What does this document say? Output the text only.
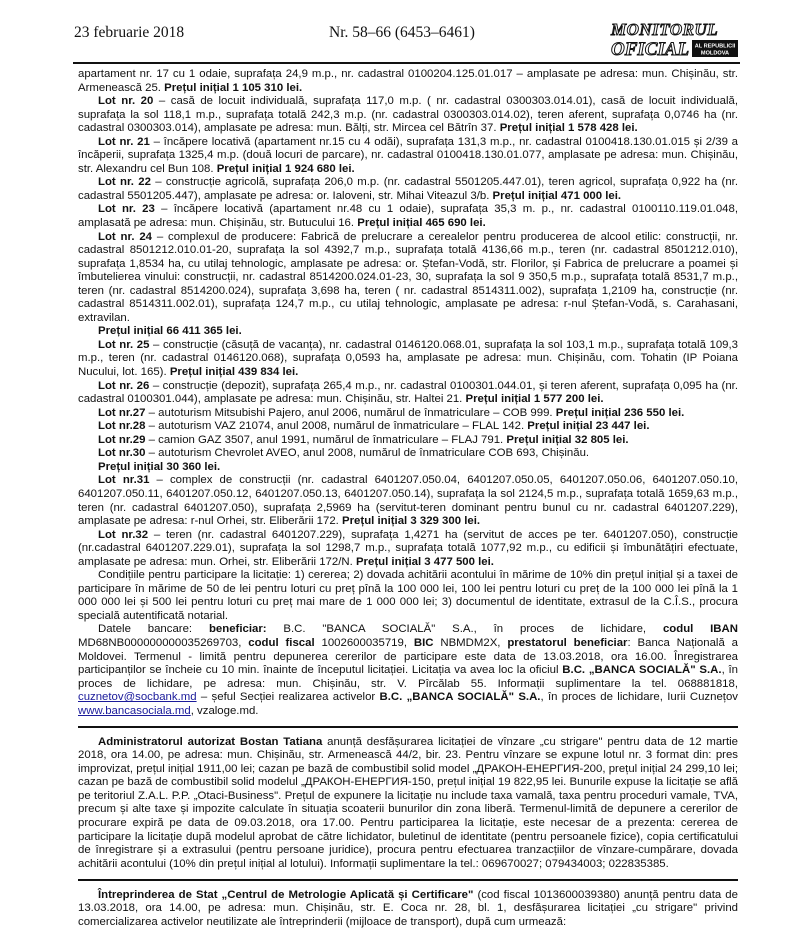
23 februarie 2018	Nr. 58–66 (6453–6461)	MONITORUL
OFICIAL AL REPUBLICII
MOLDOVA

apartament nr. 17 cu 1 odaie, suprafața 24,9 m.p., nr. cadastral 0100204.125.01.017 – amplasate pe adresa: mun. Chișinău, str. Armenească 25. Prețul inițial 1 105 310 lei.

Lot nr. 20 – casă de locuit individuală, suprafața 117,0 m.p. ( nr. cadastral 0300303.014.01), casă de locuit individuală, suprafața la sol 118,1 m.p., suprafața totală 242,3 m.p. (nr. cadastral 0300303.014.02), teren aferent, suprafața 0,0746 ha (nr. cadastral 0300303.014), amplasate pe adresa: mun. Bălți, str. Mircea cel Bătrîn 37. Prețul inițial 1 578 428 lei.

Lot nr. 21 – încăpere locativă (apartament nr.15 cu 4 odăi), suprafața 131,3 m.p., nr. cadastral 0100418.130.01.015 și 2/39 a încăperii, suprafața 1325,4 m.p. (două locuri de parcare), nr. cadastral 0100418.130.01.077, amplasate pe adresa: mun. Chișinău, str. Alexandru cel Bun 108. Prețul inițial 1 924 680 lei.

Lot nr. 22 – construcție agricolă, suprafața 206,0 m.p. (nr. cadastral 5501205.447.01), teren agricol, suprafața 0,922 ha (nr. cadastral 5501205.447), amplasate pe adresa: or. Ialoveni, str. Mihai Viteazul 3/b. Prețul inițial 471 000 lei.

Lot nr. 23 – încăpere locativă (apartament nr.48 cu 1 odaie), suprafața 35,3 m. p., nr. cadastral 0100110.119.01.048, amplasată pe adresa: mun. Chișinău, str. Butucului 16. Prețul inițial 465 690 lei.

Lot nr. 24 – complexul de producere: Fabrică de prelucrare a cerealelor pentru producerea de alcool etilic: construcții, nr. cadastral 8501212.010.01-20, suprafața la sol 4392,7 m.p., suprafața totală 4136,66 m.p., teren (nr. cadastral 8501212.010), suprafața 1,8534 ha, cu utilaj tehnologic, amplasate pe adresa: or. Ștefan-Vodă, str. Florilor, și Fabrica de prelucrare a poamei și îmbutelierea vinului: construcții, nr. cadastral 8514200.024.01-23, 30, suprafața la sol 9 350,5 m.p., suprafața totală 8531,7 m.p., teren (nr. cadastral 8514200.024), suprafața 3,698 ha, teren ( nr. cadastral 8514311.002), suprafața 1,2109 ha, construcție (nr. cadastral 8514311.002.01), suprafața 124,7 m.p., cu utilaj tehnologic, amplasate pe adresa: r-nul Ștefan-Vodă, s. Carahasani, extravilan.

Prețul inițial 66 411 365 lei.

Lot nr. 25 – construcție (căsuță de vacanța), nr. cadastral 0146120.068.01, suprafața la sol 103,1 m.p., suprafața totală 109,3 m.p., teren (nr. cadastral 0146120.068), suprafața 0,0593 ha, amplasate pe adresa: mun. Chișinău, com. Tohatin (IP Poiana Nucului, lot. 165). Prețul inițial 439 834 lei.

Lot nr. 26 – construcție (depozit), suprafața 265,4 m.p., nr. cadastral 0100301.044.01, și teren aferent, suprafața 0,095 ha (nr. cadastral 0100301.044), amplasate pe adresa: mun. Chișinău, str. Haltei 21. Prețul inițial 1 577 200 lei.

Lot nr.27 – autoturism Mitsubishi Pajero, anul 2006, numărul de înmatriculare – COB 999. Prețul inițial 236 550 lei.

Lot nr.28 – autoturism VAZ 21074, anul 2008, numărul de înmatriculare – FLAL 142. Prețul inițial 23 447 lei.

Lot nr.29 – camion GAZ 3507, anul 1991, numărul de înmatriculare – FLAJ 791. Prețul inițial 32 805 lei.

Lot nr.30 – autoturism Chevrolet AVEO, anul 2008, numărul de înmatriculare COB 693, Chișinău.

Prețul inițial 30 360 lei.

Lot nr.31 – complex de construcții (nr. cadastral 6401207.050.04, 6401207.050.05, 6401207.050.06, 6401207.050.10, 6401207.050.11, 6401207.050.12, 6401207.050.13, 6401207.050.14), suprafața la sol 2124,5 m.p., suprafața totală 1659,63 m.p., teren (nr. cadastral 6401207.050), suprafața 2,5969 ha (servitut-teren dominant pentru bunul cu nr. cadastral 6401207.229), amplasate pe adresa: r-nul Orhei, str. Eliberării 172. Prețul inițial 3 329 300 lei.

Lot nr.32 – teren (nr. cadastral 6401207.229), suprafața 1,4271 ha (servitut de acces pe ter. 6401207.050), construcție (nr.cadastral 6401207.229.01), suprafața la sol 1298,7 m.p., suprafața totală 1077,92 m.p., cu edificii și îmbunătățiri efectuate, amplasate pe adresa: mun. Orhei, str. Eliberării 172/N. Prețul inițial 3 477 500 lei.

Condițiile pentru participare la licitație: 1) cererea; 2) dovada achitării acontului în mărime de 10% din prețul inițial și a taxei de participare în mărime de 50 de lei pentru loturi cu preț pînă la 100 000 lei, 100 lei pentru loturi cu preț de la 100 000 lei pînă la 1 000 000 lei și 500 lei pentru loturi cu preț mai mare de 1 000 000 lei; 3) documentul de identitate, extrasul de la C.Î.S., procura specială autentificată notarial.

Datele bancare: beneficiar: B.C. "BANCA SOCIALĂ" S.A., în proces de lichidare, codul IBAN MD68NB000000000035269703, codul fiscal 1002600035719, BIC NBMDM2X, prestatorul beneficiar: Banca Națională a Moldovei. Termenul - limită pentru depunerea cererilor de participare este data de 13.03.2018, ora 16.00. Înregistrarea participanților se încheie cu 10 min. înainte de începutul licitației. Licitația va avea loc la oficiul B.C. „BANCA SOCIALĂ" S.A., în proces de lichidare, pe adresa: mun. Chișinău, str. V. Pîrcălab 55. Informații suplimentare la tel. 068881818, cuznetov@socbank.md – șeful Secției realizarea activelor B.C. „BANCA SOCIALĂ" S.A., în proces de lichidare, Iurii Cuznețov www.bancasociala.md, vzaloge.md.

Administratorul autorizat Bostan Tatiana anunță desfășurarea licitației de vînzare „cu strigare" pentru data de 12 martie 2018, ora 14.00, pe adresa: mun. Chișinău, str. Armenească 44/2, bir. 23. Pentru vînzare se expune lotul nr. 3 format din: pres improvizat, prețul inițial 1911,00 lei; cazan pe bază de combustibil solid model „ДРАКОН-ЕНЕРГИЯ-200, prețul inițial 24 299,10 lei; cazan pe bază de combustibil solid modelul „ДРАКОН-ЕНЕРГИЯ-150, prețul inițial 19 822,95 lei. Bunurile expuse la licitație se află pe teritoriul Z.A.L. P.P. „Otaci-Business". Prețul de expunere la licitație nu include taxa vamală, taxa pentru proceduri vamale, TVA, precum și alte taxe și impozite calculate în situația scoaterii bunurilor din zona liberă. Termenul-limită de depunere a cererilor de procurare expiră pe data de 09.03.2018, ora 17.00. Pentru participarea la licitație, este necesar de a prezenta: cererea de participare la licitație după modelul aprobat de către lichidator, buletinul de identitate (pentru persoanele fizice), copia certificatului de înregistrare și a extrasului (pentru persoane juridice), procura pentru efectuarea tranzacțiilor de vînzare-cumpărare, dovada achitării acontului (10% din prețul inițial al lotului). Informații suplimentare la tel.: 069670027; 079434003; 022835385.

Întreprinderea de Stat „Centrul de Metrologie Aplicată și Certificare" (cod fiscal 1013600039380) anunță pentru data de 13.03.2018, ora 14.00, pe adresa: mun. Chișinău, str. E. Coca nr. 28, bl. 1, desfășurarea licitației „cu strigare" privind comercializarea activelor neutilizate ale întreprinderii (mijloace de transport), după cum urmează:
